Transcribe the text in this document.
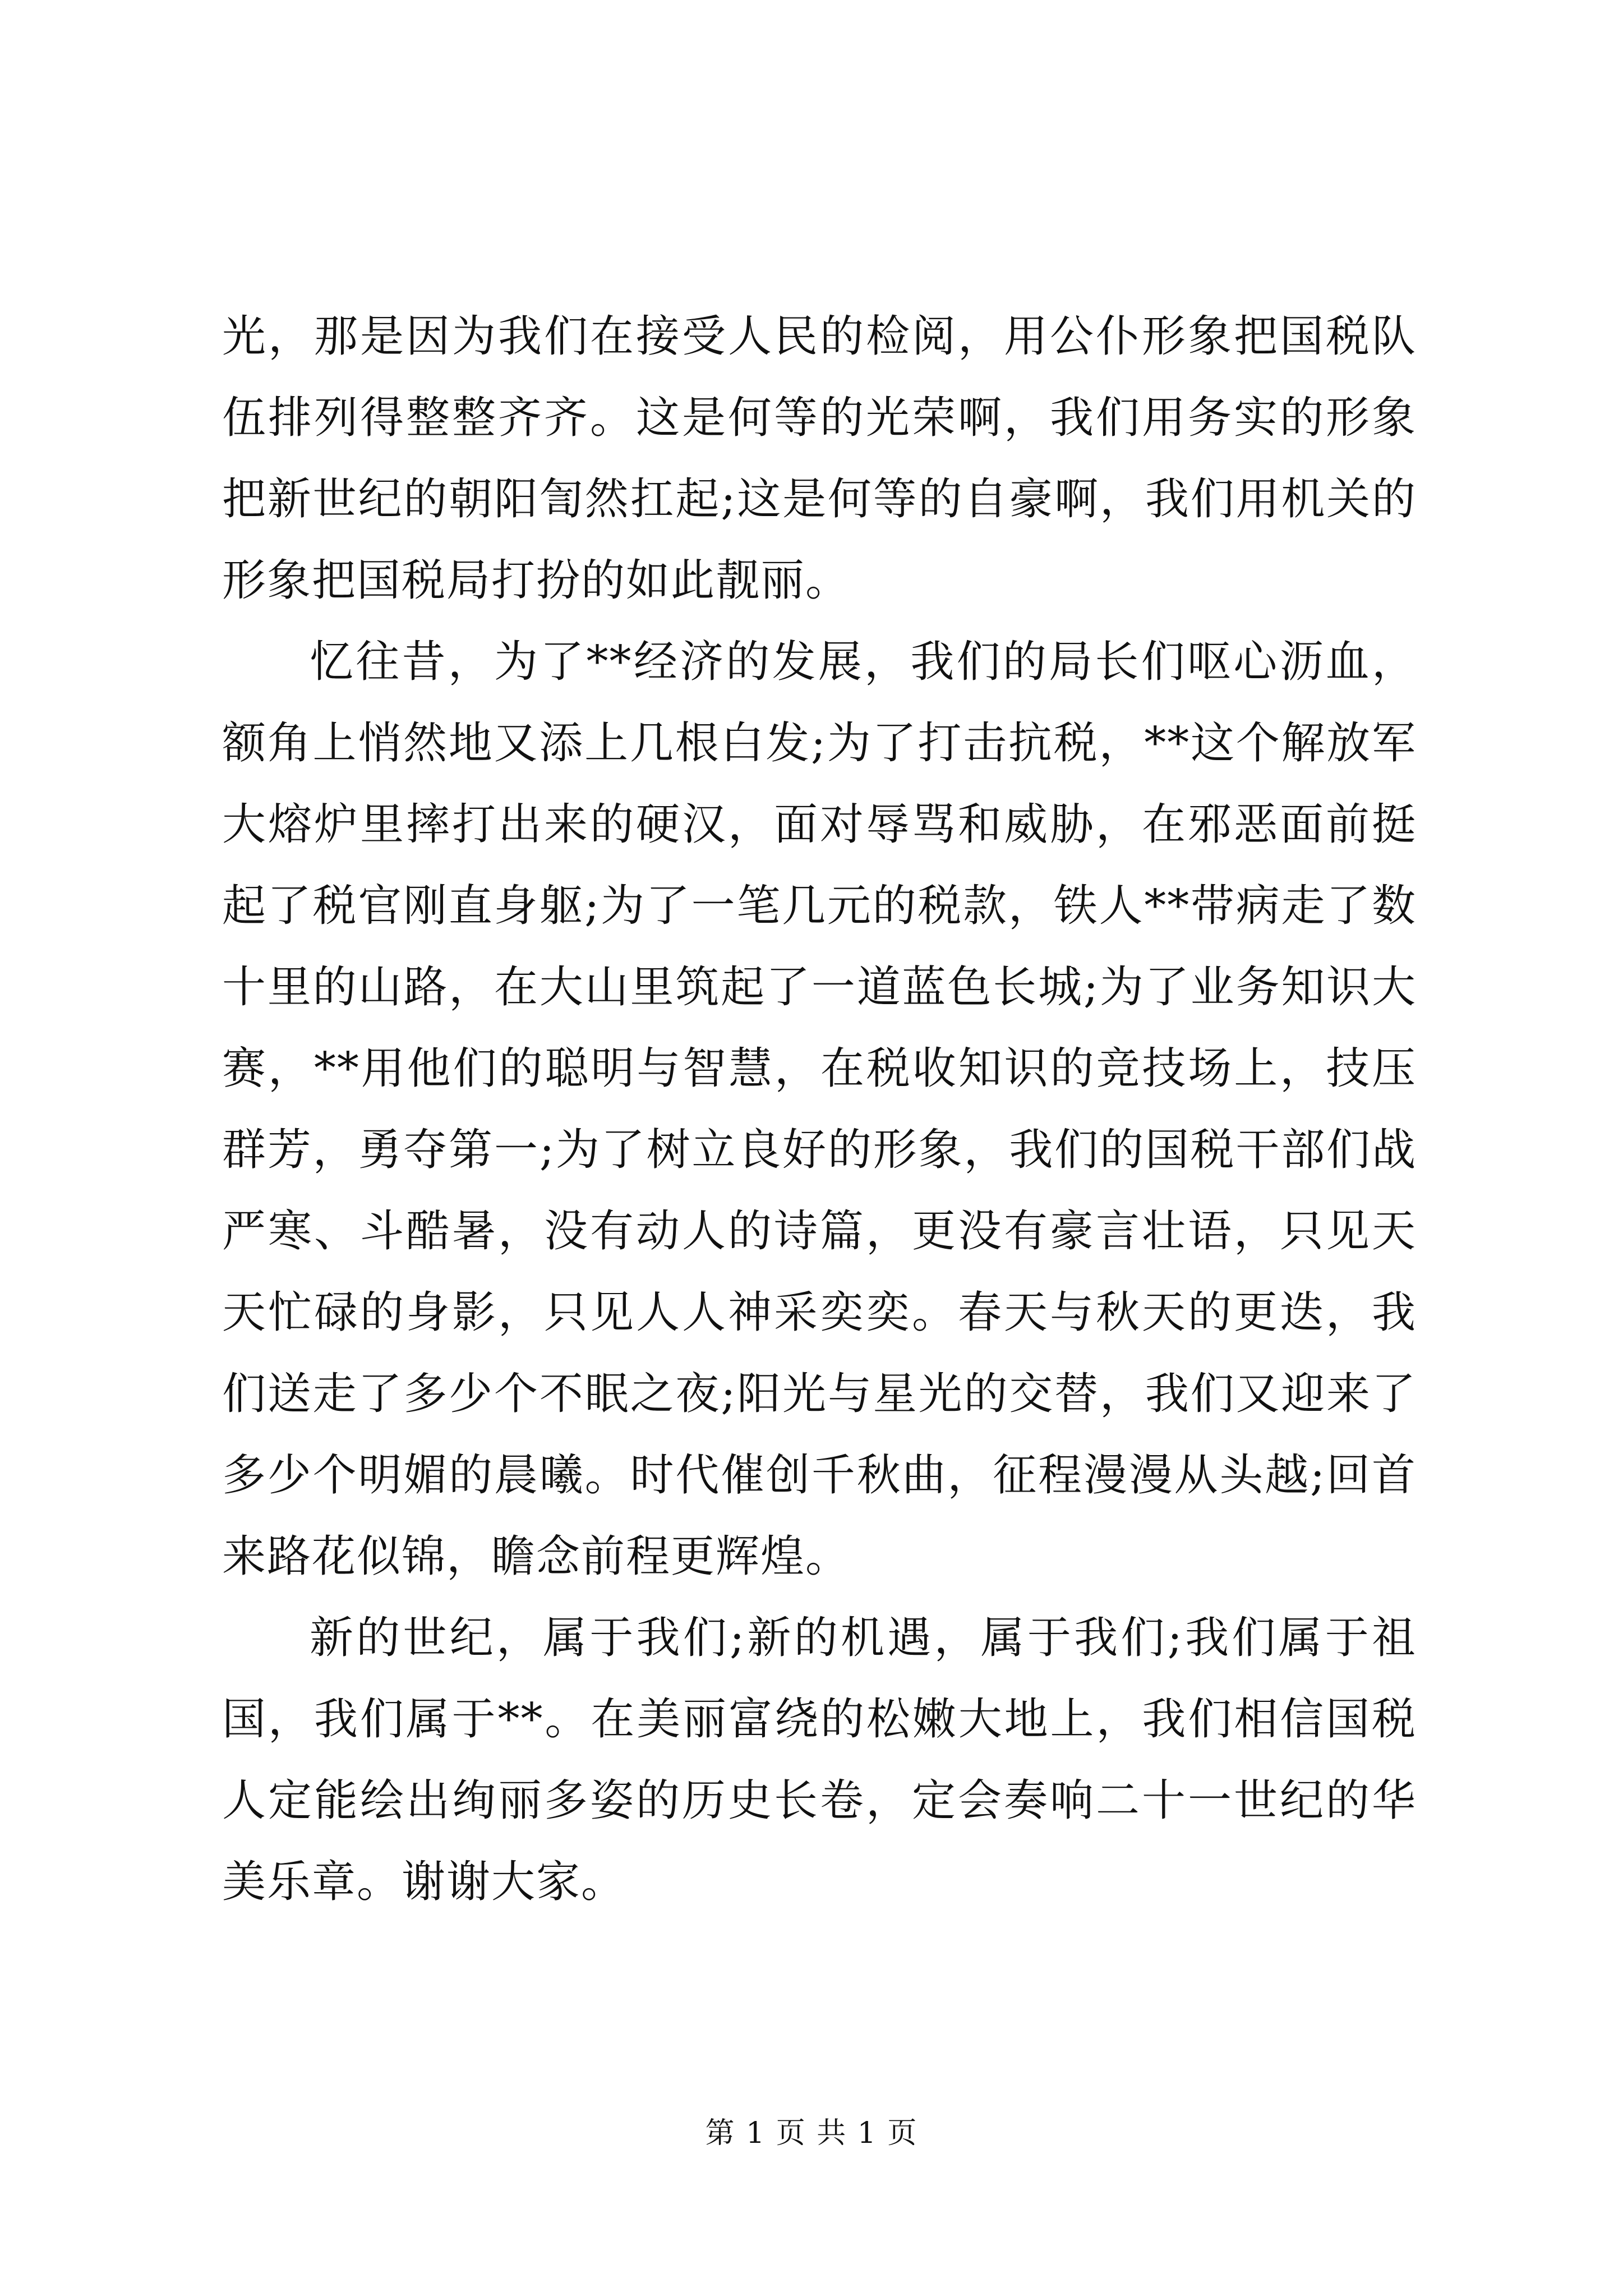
光，那是因为我们在接受人民的检阅，用公仆形象把国税队伍排列得整整齐齐。这是何等的光荣啊，我们用务实的形象把新世纪的朝阳訇然扛起;这是何等的自豪啊，我们用机关的形象把国税局打扮的如此靓丽。

忆往昔，为了**经济的发展，我们的局长们呕心沥血，额角上悄然地又添上几根白发;为了打击抗税，**这个解放军大熔炉里摔打出来的硬汉，面对辱骂和威胁，在邪恶面前挺起了税官刚直身躯;为了一笔几元的税款，铁人**带病走了数十里的山路，在大山里筑起了一道蓝色长城;为了业务知识大赛，**用他们的聪明与智慧，在税收知识的竞技场上，技压群芳，勇夺第一;为了树立良好的形象，我们的国税干部们战严寒、斗酷暑，没有动人的诗篇，更没有豪言壮语，只见天天忙碌的身影，只见人人神采奕奕。春天与秋天的更迭，我们送走了多少个不眠之夜;阳光与星光的交替，我们又迎来了多少个明媚的晨曦。时代催创千秋曲，征程漫漫从头越;回首来路花似锦，瞻念前程更辉煌。

新的世纪，属于我们;新的机遇，属于我们;我们属于祖国，我们属于**。在美丽富绕的松嫩大地上，我们相信国税人定能绘出绚丽多姿的历史长卷，定会奏响二十一世纪的华美乐章。谢谢大家。

第 1 页 共 1 页
